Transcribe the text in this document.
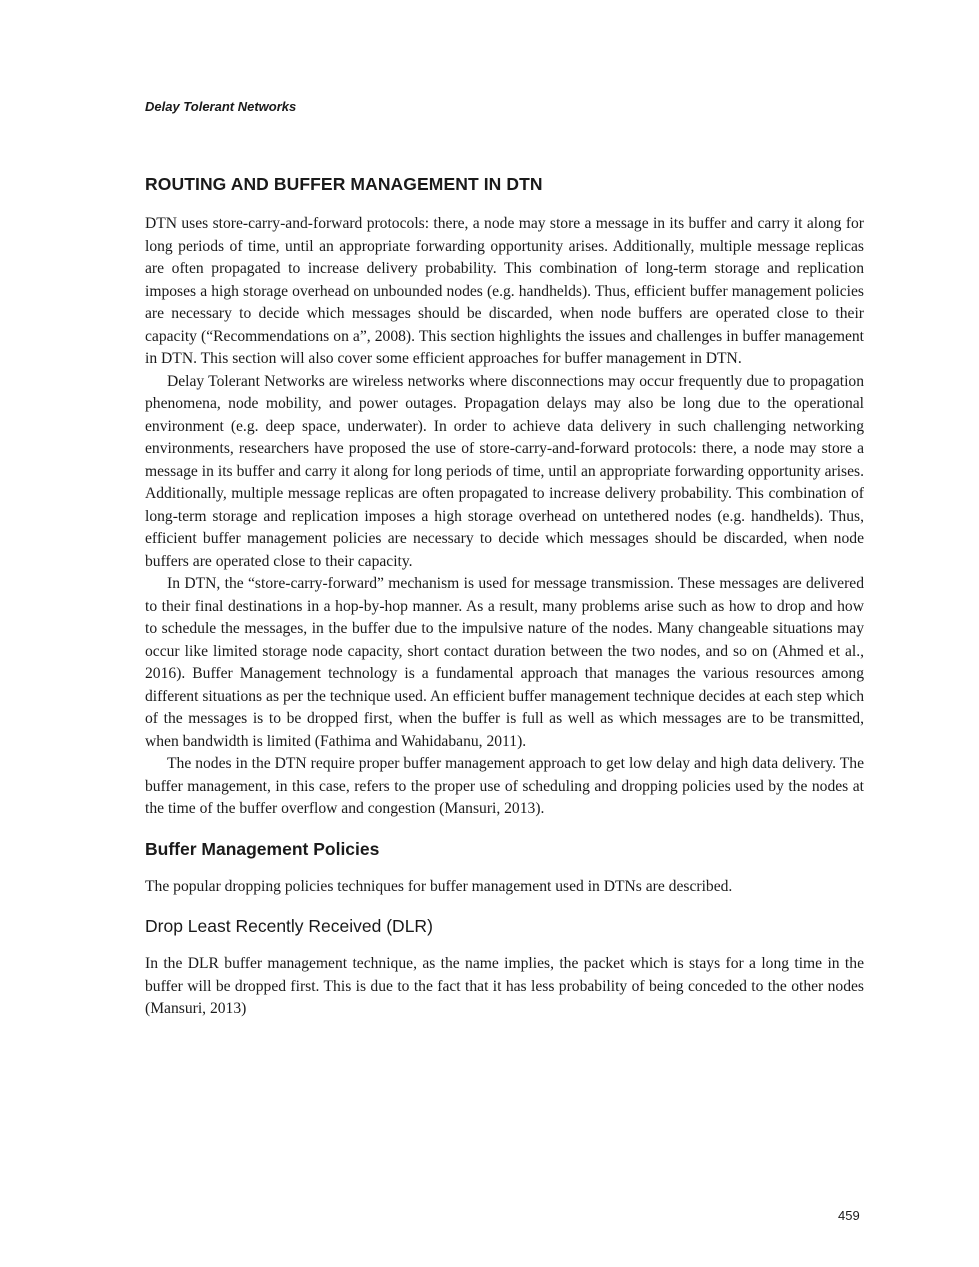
Delay Tolerant Networks
ROUTING AND BUFFER MANAGEMENT IN DTN

DTN uses store-carry-and-forward protocols: there, a node may store a message in its buffer and carry it along for long periods of time, until an appropriate forwarding opportunity arises. Additionally, multiple message replicas are often propagated to increase delivery probability. This combination of long-term storage and replication imposes a high storage overhead on unbounded nodes (e.g. handhelds). Thus, efficient buffer management policies are necessary to decide which messages should be discarded, when node buffers are operated close to their capacity (“Recommendations on a”, 2008). This section highlights the issues and challenges in buffer management in DTN. This section will also cover some efficient approaches for buffer management in DTN.

Delay Tolerant Networks are wireless networks where disconnections may occur frequently due to propagation phenomena, node mobility, and power outages. Propagation delays may also be long due to the operational environment (e.g. deep space, underwater). In order to achieve data delivery in such challenging networking environments, researchers have proposed the use of store-carry-and-forward protocols: there, a node may store a message in its buffer and carry it along for long periods of time, until an appropriate forwarding opportunity arises. Additionally, multiple message replicas are often propagated to increase delivery probability. This combination of long-term storage and replication imposes a high storage overhead on untethered nodes (e.g. handhelds). Thus, efficient buffer management policies are necessary to decide which messages should be discarded, when node buffers are operated close to their capacity.

In DTN, the “store-carry-forward” mechanism is used for message transmission. These messages are delivered to their final destinations in a hop-by-hop manner. As a result, many problems arise such as how to drop and how to schedule the messages, in the buffer due to the impulsive nature of the nodes. Many changeable situations may occur like limited storage node capacity, short contact duration between the two nodes, and so on (Ahmed et al., 2016). Buffer Management technology is a fundamental approach that manages the various resources among different situations as per the technique used. An efficient buffer management technique decides at each step which of the messages is to be dropped first, when the buffer is full as well as which messages are to be transmitted, when bandwidth is limited (Fathima and Wahidabanu, 2011).

The nodes in the DTN require proper buffer management approach to get low delay and high data delivery. The buffer management, in this case, refers to the proper use of scheduling and dropping policies used by the nodes at the time of the buffer overflow and congestion (Mansuri, 2013).

Buffer Management Policies

The popular dropping policies techniques for buffer management used in DTNs are described.

Drop Least Recently Received (DLR)

In the DLR buffer management technique, as the name implies, the packet which is stays for a long time in the buffer will be dropped first. This is due to the fact that it has less probability of being conceded to the other nodes (Mansuri, 2013)

459
